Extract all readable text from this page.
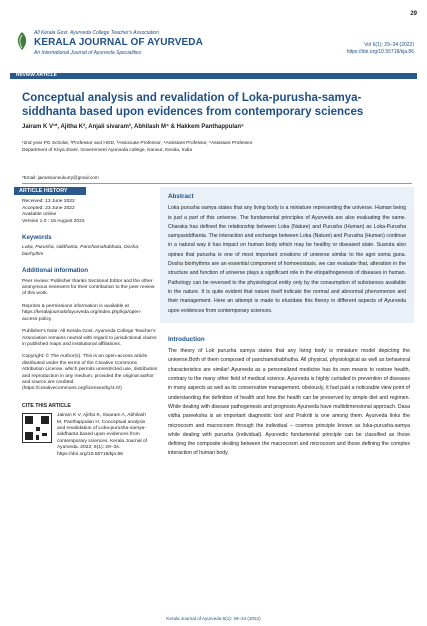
29
All Kerala Govt. Ayurveda College Teacher's Association
KERALA JOURNAL OF AYURVEDA
An International Journal of Ayurveda Specialities
Vol 6(1): 29–34 (2022)
https://doi.org/10.55718/kja.86
REVIEW ARTICLE
Conceptual analysis and revalidation of Loka-purusha-samya-siddhanta based upon evidences from contemporary sciences
Jairam K V¹*, Ajitha K², Anjali sivaram³, Abhilash M⁴ & Hakkem Panthappulan⁵
¹2nd year PG Scholar, ²Professor and HOD, ³Associate Professor, ⁴Assistant Professor, ⁵Assistant Professor
Department of Kriya sharir, Government Ayurveda college, Kannur, Kerala, India
*Email: jairamkunnukurry@gmail.com
ARTICLE HISTORY

Received: 13 June 2022

Accepted: 23 June 2022

Available online

Version 1.0 : 15 August 2022

Keywords
Loka, Purusha, siddhanta, Panchamahabhuta, Dosha, biorhythm
Additional information
Peer review: Publisher thanks Sectional Editor and the other anonymous reviewers for their contribution to the peer review of this work.
Reprints & permissions information is available at https://keralajournalofayurveda.org/index.php/kja/open-access-policy
Publisher's Note: All Kerala Govt. Ayurveda College Teacher's Association remains neutral with regard to jurisdictional claims in published maps and institutional affiliations.
Copyright: © The Author(s). This is an open-access article distributed under the terms of the Creative Commons Attribution License, which permits unrestricted use, distribution and reproduction in any medium, provided the original author and source are credited (https://creativecommons.org/licenses/by/4.0/)
CITE THIS ARTICLE
Jairam K V, Ajitha K, Sivaram A, Abhilash M, Panthappulan H. Conceptual analysis and revalidation of Loka-purusha-samya-siddhanta based upon evidences from contemporary sciences. Kerala Journal of Ayurveda. 2022; 6(1): 29–34. https://doi.org/10.55718/kja.86
Abstract

Loka purusha samya states that any living body is a miniature representing the universe. Human being is just a part of this universe. The fundamental principles of Ayurveda are also evaluating the same. Charaka has defined the relationship between Loka (Nature) and Purusha (Human) as Loka-Purusha samyasiddhanta. The interaction and exchange between Loka (Nature) and Purusha (Human) continue in a natural way it has impact on human body which may be healthy or diseased state. Susruta also opines that purusha is one of most important creations of universe similar to the agni soma guna. Dosha biorhythms are an essential component of homoeostasis. we can evaluate that, alteration in the structure and function of universe plays a significant role in the etiopathogenesis of diseases in human. Pathology can be reversed to the physiological entity only by the consumption of substances available in the nature. It is quite evident that nature itself indicate the normal and abnormal phenomenon and their management. Here an attempt is made to elucidate this theory in different aspects of Ayurveda upon evidences from contemporary sciences.

Introduction

The theory of Lok purusha samya states that any living body is miniature model depicting the universe.Both of them composed of panchamahabhutha. All physical, physiological as well as behavioral characteristics are similar¹.Ayurveda as a personalized medicine has its own means to restore health, contrary to the many other field of medical science. Ayurveda is highly curtailed in prevention of diseases in many aspects as well as its conservative management. obviously, it had paid a noticeable view point of understanding the definition of health and how the health can be preserved by simple diet and regimen. While dealing with disease pathogenesis and prognosis Ayurveda have multidimensional approach. Dasa vidha pareeksha is an important diagnostic tool and Prakriti is one among them. Ayurveda links the microcosm and macrocosm through the individual – cosmos principle known as loka-purusha-samya while dealing with purusha (individual). Ayurvedic fundamental principle can be classified as those defining the composite dealing between the macrocosm and microcosm and those defining the complex interaction of human body.

Kerala Journal of Ayurveda 6(1): 29–34 (2022)
